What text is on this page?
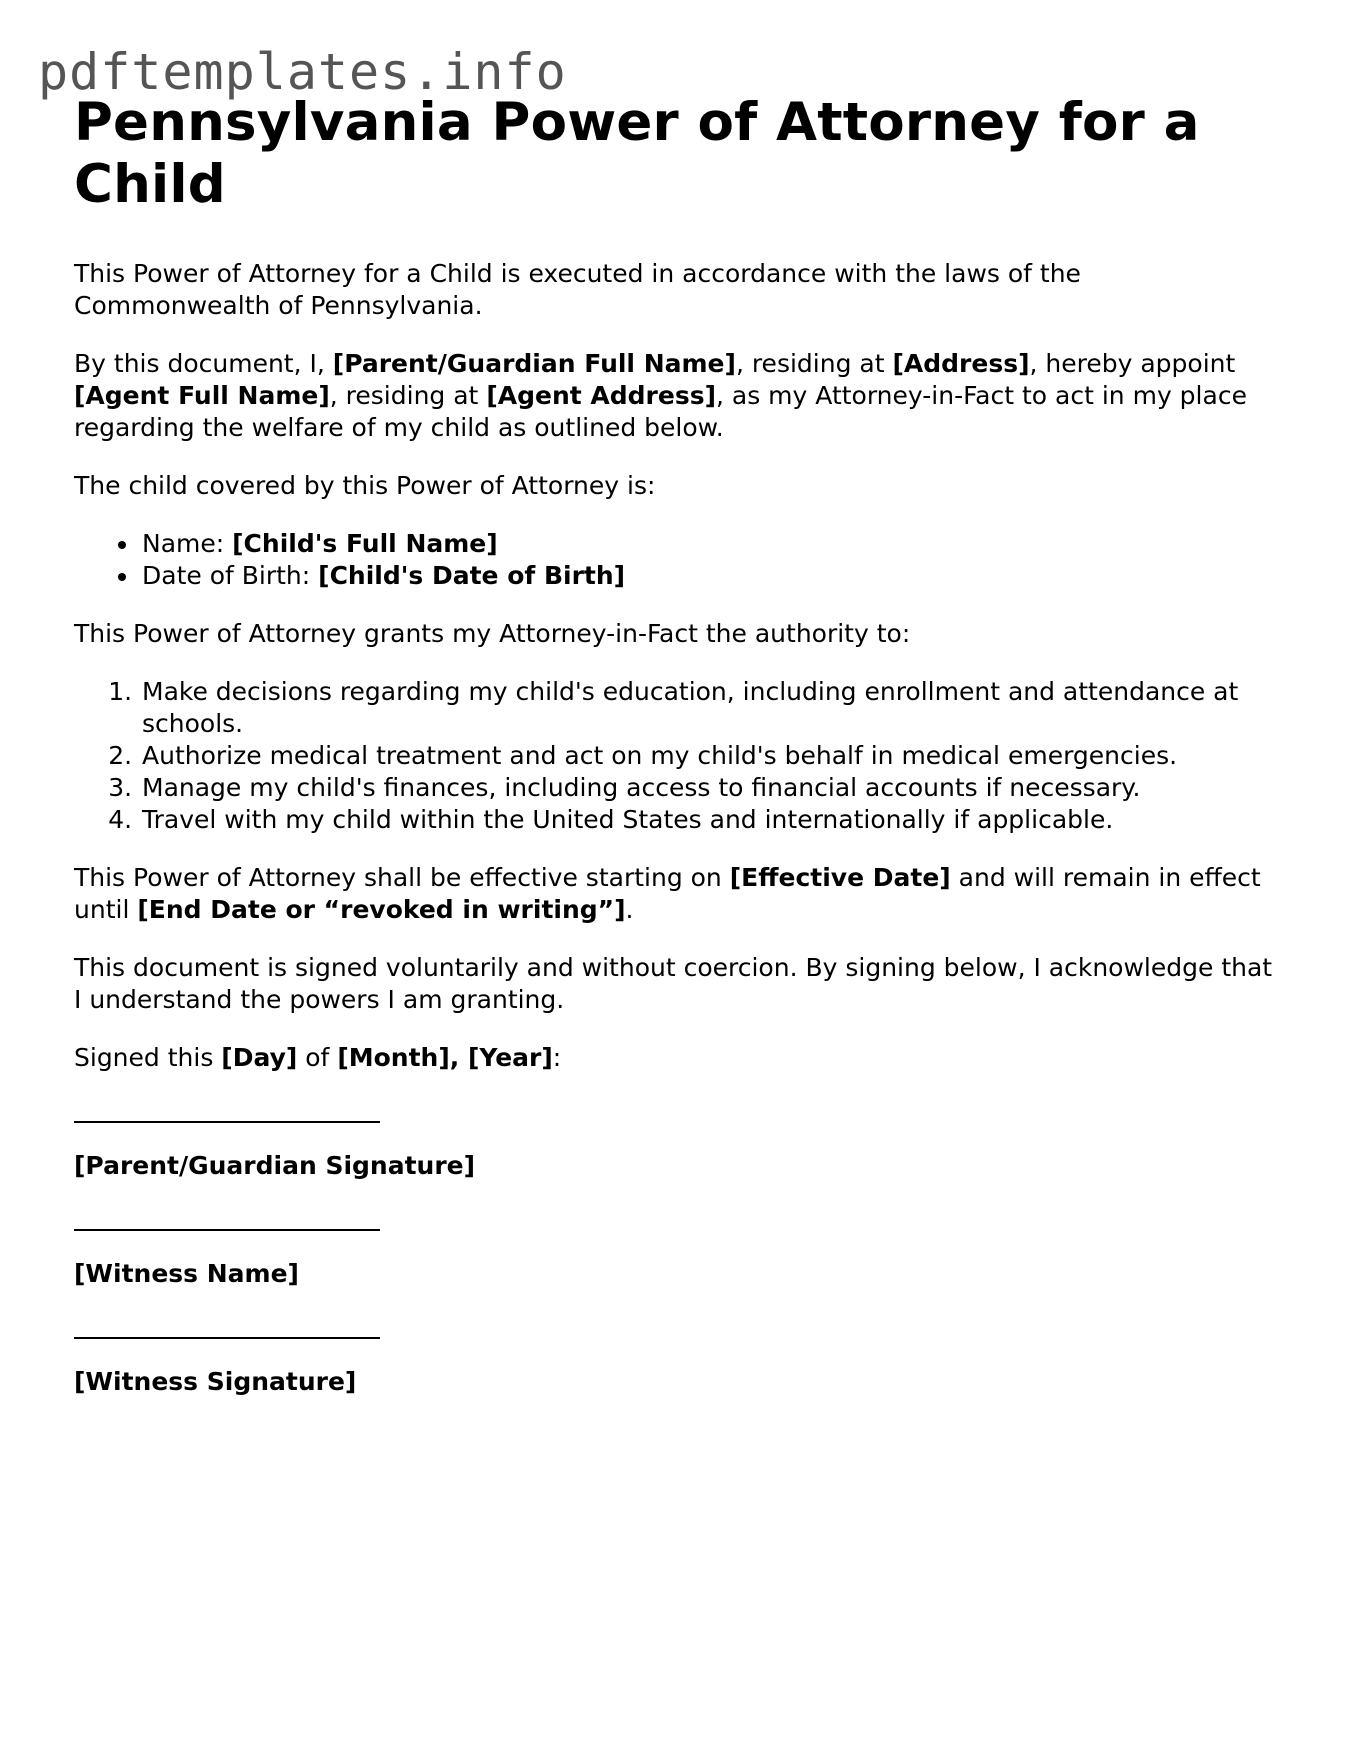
pdftemplates.info
Pennsylvania Power of Attorney for a Child

This Power of Attorney for a Child is executed in accordance with the laws of the Commonwealth of Pennsylvania.

By this document, I, [Parent/Guardian Full Name], residing at [Address], hereby appoint [Agent Full Name], residing at [Agent Address], as my Attorney-in-Fact to act in my place regarding the welfare of my child as outlined below.

The child covered by this Power of Attorney is:

• Name: [Child's Full Name]
• Date of Birth: [Child's Date of Birth]

This Power of Attorney grants my Attorney-in-Fact the authority to:

1. Make decisions regarding my child's education, including enrollment and attendance at schools.
2. Authorize medical treatment and act on my child's behalf in medical emergencies.
3. Manage my child's finances, including access to financial accounts if necessary.
4. Travel with my child within the United States and internationally if applicable.

This Power of Attorney shall be effective starting on [Effective Date] and will remain in effect until [End Date or “revoked in writing”].

This document is signed voluntarily and without coercion. By signing below, I acknowledge that I understand the powers I am granting.

Signed this [Day] of [Month], [Year]:

[Parent/Guardian Signature]
[Witness Name]
[Witness Signature]
